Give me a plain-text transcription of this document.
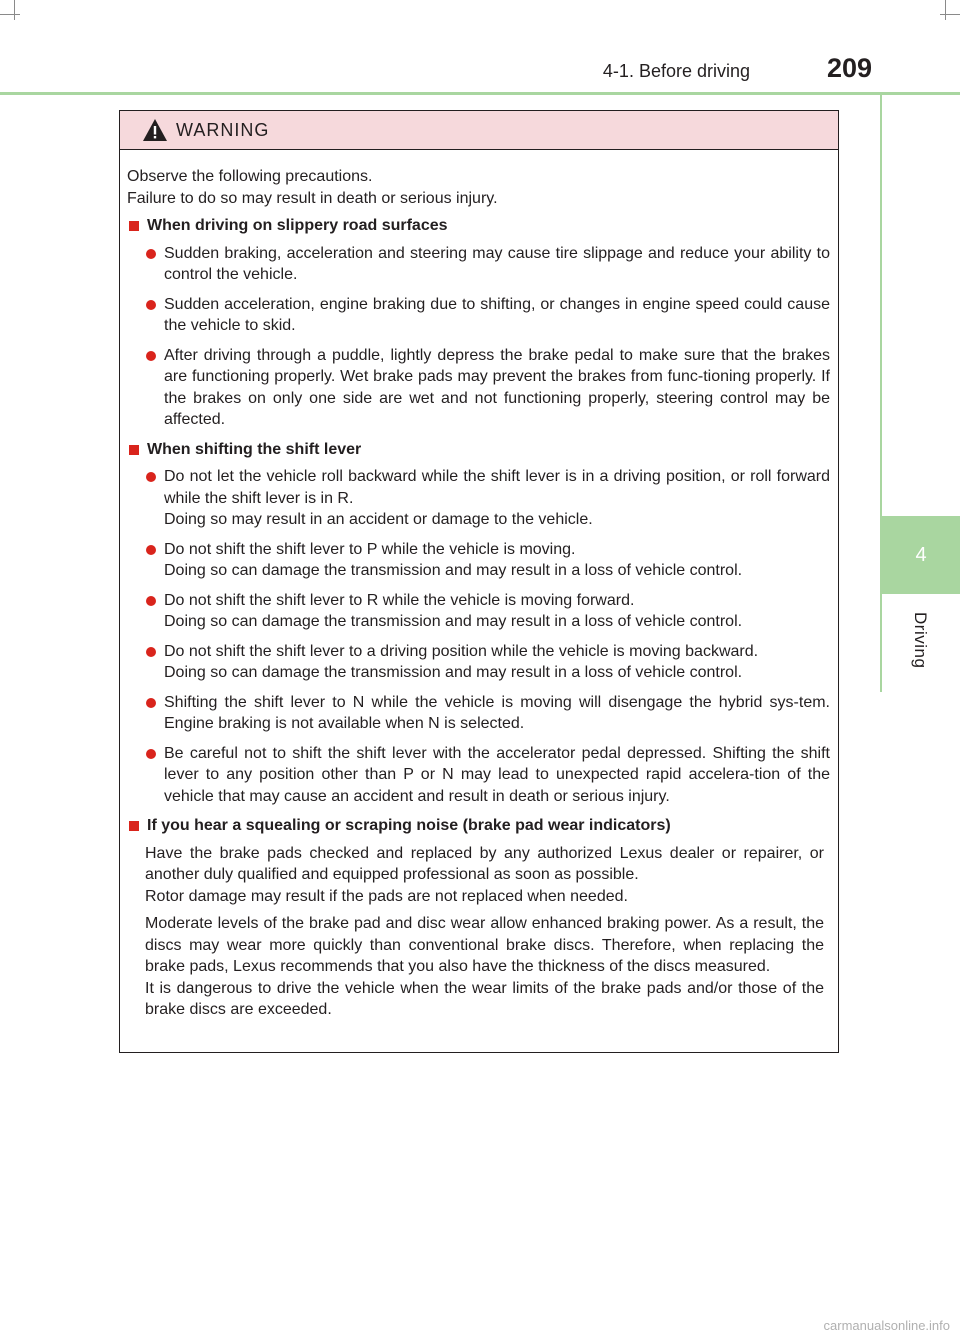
4-1. Before driving	209
4
Driving
WARNING
Observe the following precautions.
Failure to do so may result in death or serious injury.
When driving on slippery road surfaces
Sudden braking, acceleration and steering may cause tire slippage and reduce your ability to control the vehicle.
Sudden acceleration, engine braking due to shifting, or changes in engine speed could cause the vehicle to skid.
After driving through a puddle, lightly depress the brake pedal to make sure that the brakes are functioning properly. Wet brake pads may prevent the brakes from func-tioning properly. If the brakes on only one side are wet and not functioning properly, steering control may be affected.
When shifting the shift lever
Do not let the vehicle roll backward while the shift lever is in a driving position, or roll forward while the shift lever is in R.
Doing so may result in an accident or damage to the vehicle.
Do not shift the shift lever to P while the vehicle is moving.
Doing so can damage the transmission and may result in a loss of vehicle control.
Do not shift the shift lever to R while the vehicle is moving forward.
Doing so can damage the transmission and may result in a loss of vehicle control.
Do not shift the shift lever to a driving position while the vehicle is moving backward.
Doing so can damage the transmission and may result in a loss of vehicle control.
Shifting the shift lever to N while the vehicle is moving will disengage the hybrid sys-tem. Engine braking is not available when N is selected.
Be careful not to shift the shift lever with the accelerator pedal depressed. Shifting the shift lever to any position other than P or N may lead to unexpected rapid accelera-tion of the vehicle that may cause an accident and result in death or serious injury.
If you hear a squealing or scraping noise (brake pad wear indicators)
Have the brake pads checked and replaced by any authorized Lexus dealer or repairer, or another duly qualified and equipped professional as soon as possible.
Rotor damage may result if the pads are not replaced when needed.
Moderate levels of the brake pad and disc wear allow enhanced braking power. As a result, the discs may wear more quickly than conventional brake discs. Therefore, when replacing the brake pads, Lexus recommends that you also have the thickness of the discs measured.
It is dangerous to drive the vehicle when the wear limits of the brake pads and/or those of the brake discs are exceeded.
carmanualsonline.info
